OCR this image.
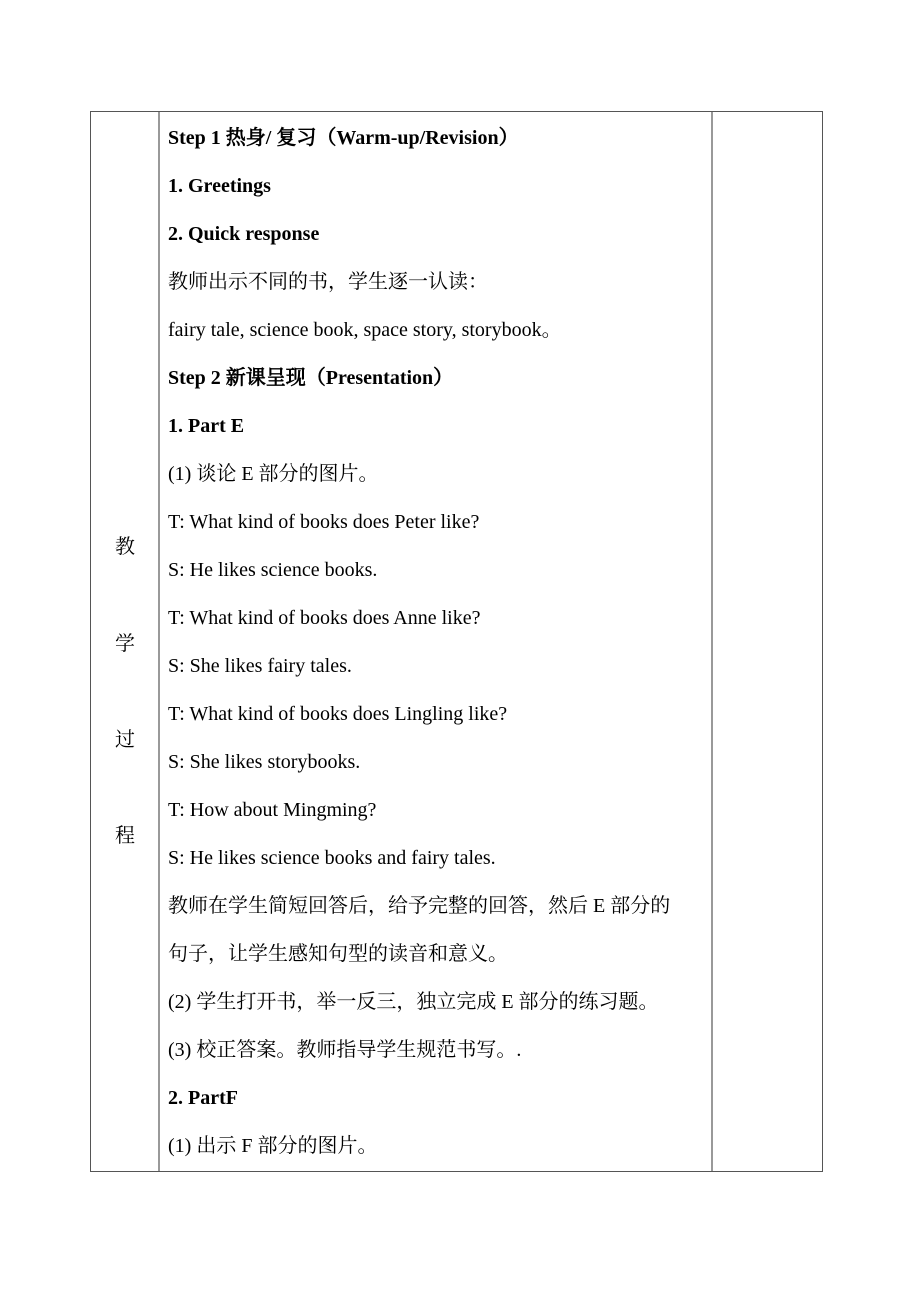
教
学
过
程
Step 1 热身/ 复习（Warm-up/Revision）
1. Greetings
2. Quick response
教师出示不同的书，学生逐一认读：
fairy tale, science book, space story, storybook。
Step 2 新课呈现（Presentation）
1. Part E
(1) 谈论 E 部分的图片。
T: What kind of books does Peter like?
S: He likes science books.
T: What kind of books does Anne like?
S: She likes fairy tales.
T: What kind of books does Lingling like?
S: She likes storybooks.
T: How about Mingming?
S: He likes science books and fairy tales.
教师在学生简短回答后，给予完整的回答，然后 E 部分的
句子，让学生感知句型的读音和意义。
(2) 学生打开书，举一反三，独立完成 E 部分的练习题。
(3) 校正答案。教师指导学生规范书写。.
2. PartF
(1) 出示 F 部分的图片。
